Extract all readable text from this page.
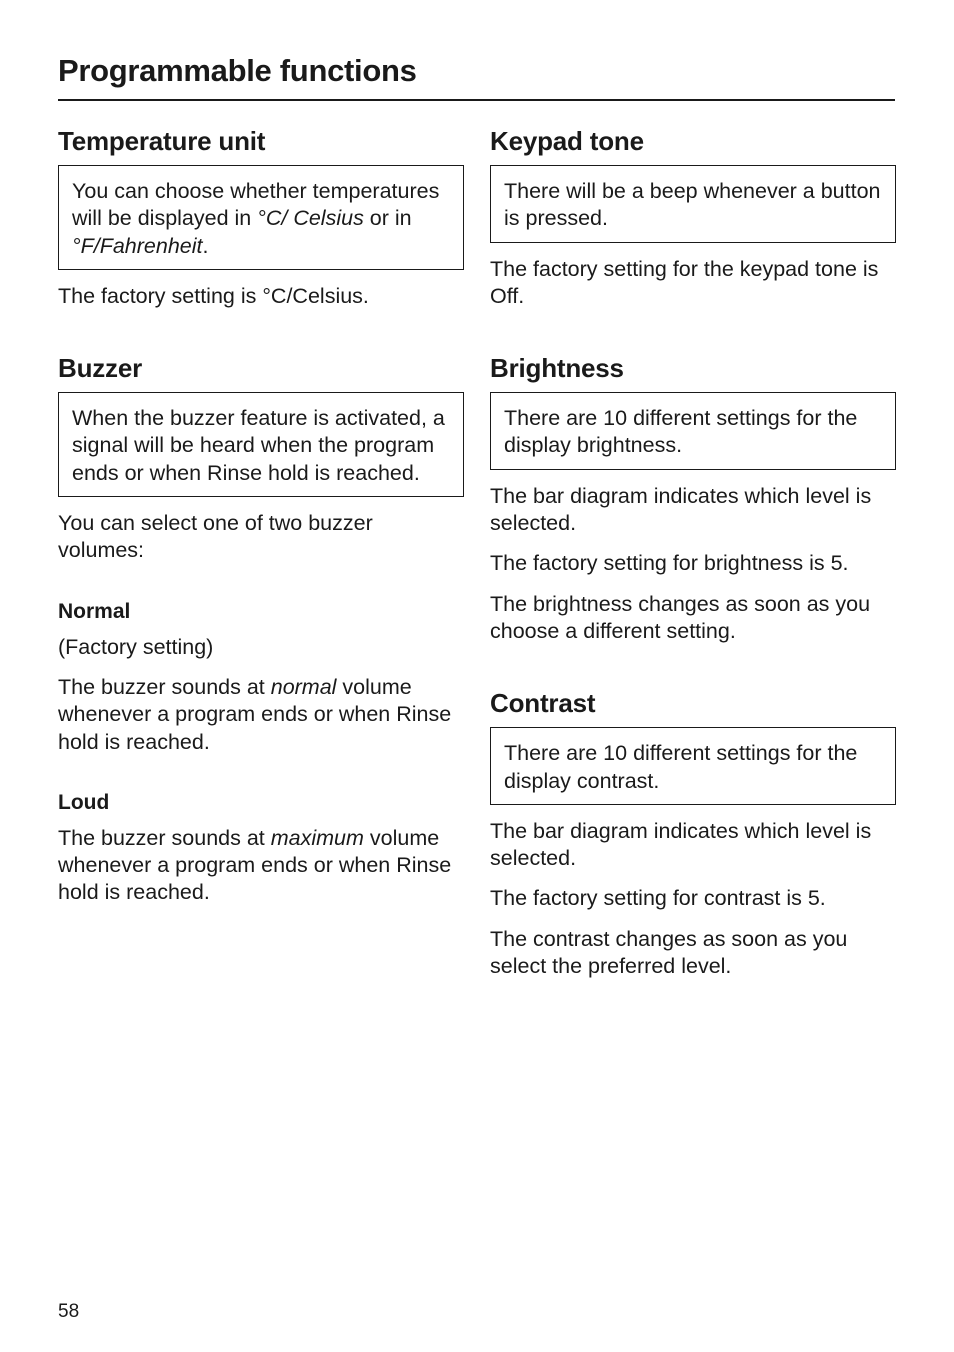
Programmable functions
Temperature unit
You can choose whether temperatures will be displayed in °C/ Celsius or in
°F/Fahrenheit.

The factory setting is °C/Celsius.

Buzzer
When the buzzer feature is activated, a signal will be heard when the program ends or when Rinse hold is reached.

You can select one of two buzzer volumes:

Normal

(Factory setting)

The buzzer sounds at normal volume whenever a program ends or when Rinse hold is reached.

Loud

The buzzer sounds at maximum volume whenever a program ends or when Rinse hold is reached.

Keypad tone
There will be a beep whenever a button is pressed.

The factory setting for the keypad tone is Off.

Brightness
There are 10 different settings for the display brightness.

The bar diagram indicates which level is selected.

The factory setting for brightness is 5.

The brightness changes as soon as you choose a different setting.

Contrast
There are 10 different settings for the display contrast.

The bar diagram indicates which level is selected.

The factory setting for contrast is 5.

The contrast changes as soon as you select the preferred level.

58
